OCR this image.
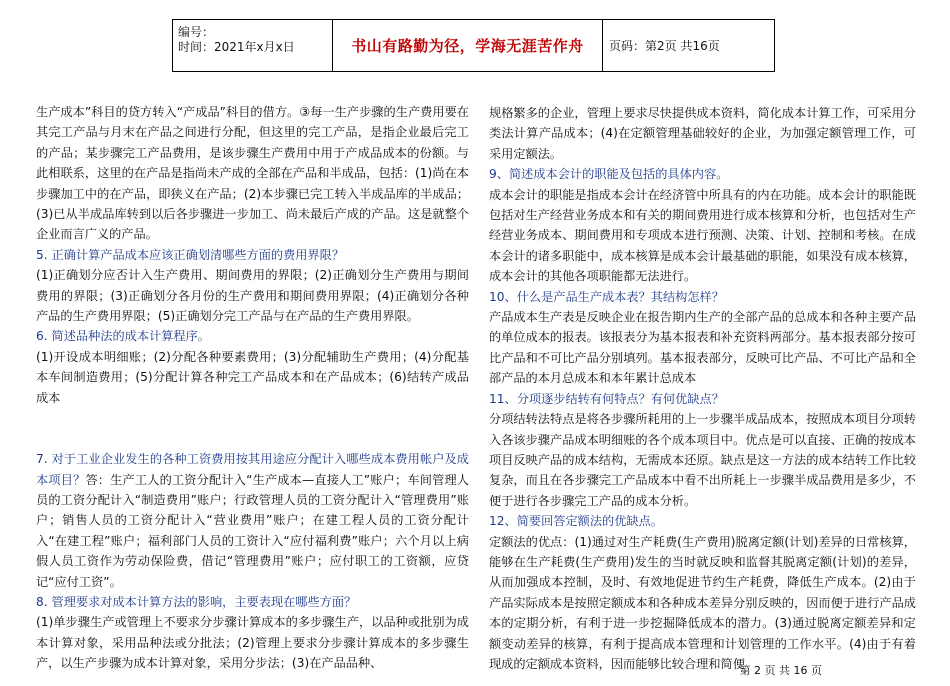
编号：
时间：2021年x月x日	书山有路勤为径，学海无涯苦作舟	页码：第2页 共16页

生产成本”科目的贷方转入“产成品”科目的借方。③每一生产步骤的生产费用要在其完工产品与月末在产品之间进行分配，但这里的完工产品，是指企业最后完工的产品；某步骤完工产品费用，是该步骤生产费用中用于产成品成本的份额。与此相联系，这里的在产品是指尚未产成的全部在产品和半成品，包括：(1)尚在本步骤加工中的在产品，即狭义在产品；(2)本步骤已完工转入半成品库的半成品；(3)已从半成品库转到以后各步骤进一步加工、尚未最后产成的产品。这是就整个企业而言广义的产品。

5. 正确计算产品成本应该正确划清哪些方面的费用界限？

(1)正确划分应否计入生产费用、期间费用的界限；(2)正确划分生产费用与期间费用的界限；(3)正确划分各月份的生产费用和期间费用界限；(4)正确划分各种产品的生产费用界限；(5)正确划分完工产品与在产品的生产费用界限。

6. 简述品种法的成本计算程序。

(1)开设成本明细账；(2)分配各种要素费用；(3)分配辅助生产费用；(4)分配基本车间制造费用；(5)分配计算各种完工产品成本和在产品成本；(6)结转产成品成本

7. 对于工业企业发生的各种工资费用按其用途应分配计入哪些成本费用帐户及成本项目？答：生产工人的工资分配计入“生产成本—直接人工”账户；车间管理人员的工资分配计入“制造费用”账户；行政管理人员的工资分配计入“管理费用”账户；销售人员的工资分配计入“营业费用”账户；在建工程人员的工资分配计入“在建工程”账户；福利部门人员的工资计入“应付福利费”账户；六个月以上病假人员工资作为劳动保险费，借记“管理费用”账户；应付职工的工资额，应贷记“应付工资”。

8. 管理要求对成本计算方法的影响，主要表现在哪些方面？

(1)单步骤生产或管理上不要求分步骤计算成本的多步骤生产，以品种或批别为成本计算对象，采用品种法或分批法；(2)管理上要求分步骤计算成本的多步骤生产，以生产步骤为成本计算对象，采用分步法；(3)在产品品种、

规格繁多的企业，管理上要求尽快提供成本资料，简化成本计算工作，可采用分类法计算产品成本；(4)在定额管理基础较好的企业，为加强定额管理工作，可采用定额法。

9、简述成本会计的职能及包括的具体内容。

成本会计的职能是指成本会计在经济管中所具有的内在功能。成本会计的职能既包括对生产经营业务成本和有关的期间费用进行成本核算和分析，也包括对生产经营业务成本、期间费用和专项成本进行预测、决策、计划、控制和考核。在成本会计的诸多职能中，成本核算是成本会计最基础的职能，如果没有成本核算，成本会计的其他各项职能都无法进行。

10、什么是产品生产成本表？其结构怎样？

产品成本生产表是反映企业在报告期内生产的全部产品的总成本和各种主要产品的单位成本的报表。该报表分为基本报表和补充资料两部分。基本报表部分按可比产品和不可比产品分别填列。基本报表部分，反映可比产品、不可比产品和全部产品的本月总成本和本年累计总成本

11、分项逐步结转有何特点？有何优缺点？

分项结转法特点是将各步骤所耗用的上一步骤半成品成本，按照成本项目分项转入各该步骤产品成本明细账的各个成本项目中。优点是可以直接、正确的按成本项目反映产品的成本结构，无需成本还原。缺点是这一方法的成本结转工作比较复杂，而且在各步骤完工产品成本中看不出所耗上一步骤半成品费用是多少，不便于进行各步骤完工产品的成本分析。

12、简要回答定额法的优缺点。

定额法的优点：(1)通过对生产耗费(生产费用)脱离定额(计划)差异的日常核算，能够在生产耗费(生产费用)发生的当时就反映和监督其脱离定额(计划)的差异，从而加强成本控制，及时、有效地促进节约生产耗费，降低生产成本。(2)由于产品实际成本是按照定额成本和各种成本差异分别反映的，因而便于进行产品成本的定期分析，有利于进一步挖掘降低成本的潜力。(3)通过脱离定额差异和定额变动差异的核算，有利于提高成本管理和计划管理的工作水平。(4)由于有着现成的定额成本资料，因而能够比较合理和简便

第 2 页 共 16 页
